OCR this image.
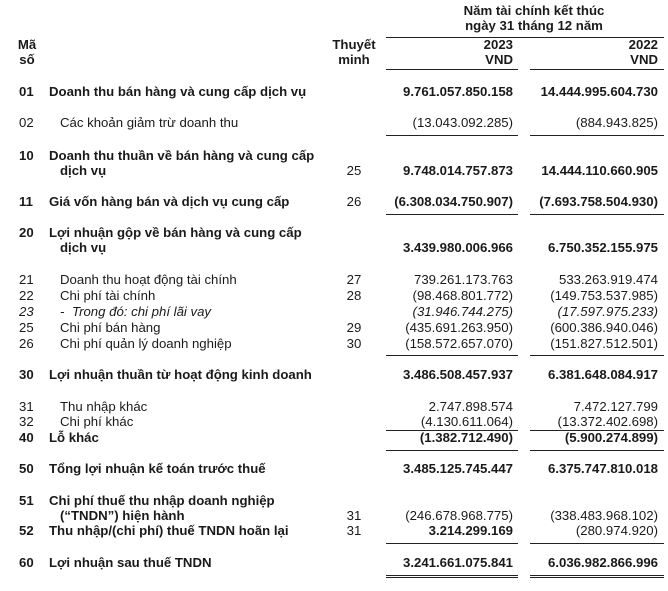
Năm tài chính kết thúc
ngày 31 tháng 12 năm
Mã
số
Thuyết
minh
2023
VND
2022
VND
01	Doanh thu bán hàng và cung cấp dịch vụ	9.761.057.850.158 14.444.995.604.730
02	Các khoản giảm trừ doanh thu	(13.043.092.285)	(884.943.825)
10	Doanh thu thuần về bán hàng và cung cấp
dịch vụ	25	9.748.014.757.873 14.444.110.660.905
11	Giá vốn hàng bán và dịch vụ cung cấp	26	(6.308.034.750.907) (7.693.758.504.930)
20	Lợi nhuận gộp về bán hàng và cung cấp
dịch vụ	3.439.980.006.966	6.750.352.155.975
21	Doanh thu hoạt động tài chính	27	739.261.173.763	533.263.919.474
22	Chi phí tài chính	28	(98.468.801.772)	(149.753.537.985)
23	- Trong đó: chi phí lãi vay	(31.946.744.275)	(17.597.975.233)
25	Chi phí bán hàng	29	(435.691.263.950)	(600.386.940.046)
26	Chi phí quản lý doanh nghiệp	30	(158.572.657.070)	(151.827.512.501)
30	Lợi nhuận thuần từ hoạt động kinh doanh	3.486.508.457.937	6.381.648.084.917
31	Thu nhập khác	2.747.898.574	7.472.127.799
32	Chi phí khác	(4.130.611.064)	(13.372.402.698)
40	Lỗ khác	(1.382.712.490)	(5.900.274.899)
50	Tổng lợi nhuận kế toán trước thuế	3.485.125.745.447	6.375.747.810.018
51	Chi phí thuế thu nhập doanh nghiệp
(“TNDN”) hiện hành	31	(246.678.968.775)	(338.483.968.102)
52	Thu nhập/(chi phí) thuế TNDN hoãn lại	31	3.214.299.169	(280.974.920)
60	Lợi nhuận sau thuế TNDN	3.241.661.075.841	6.036.982.866.996
